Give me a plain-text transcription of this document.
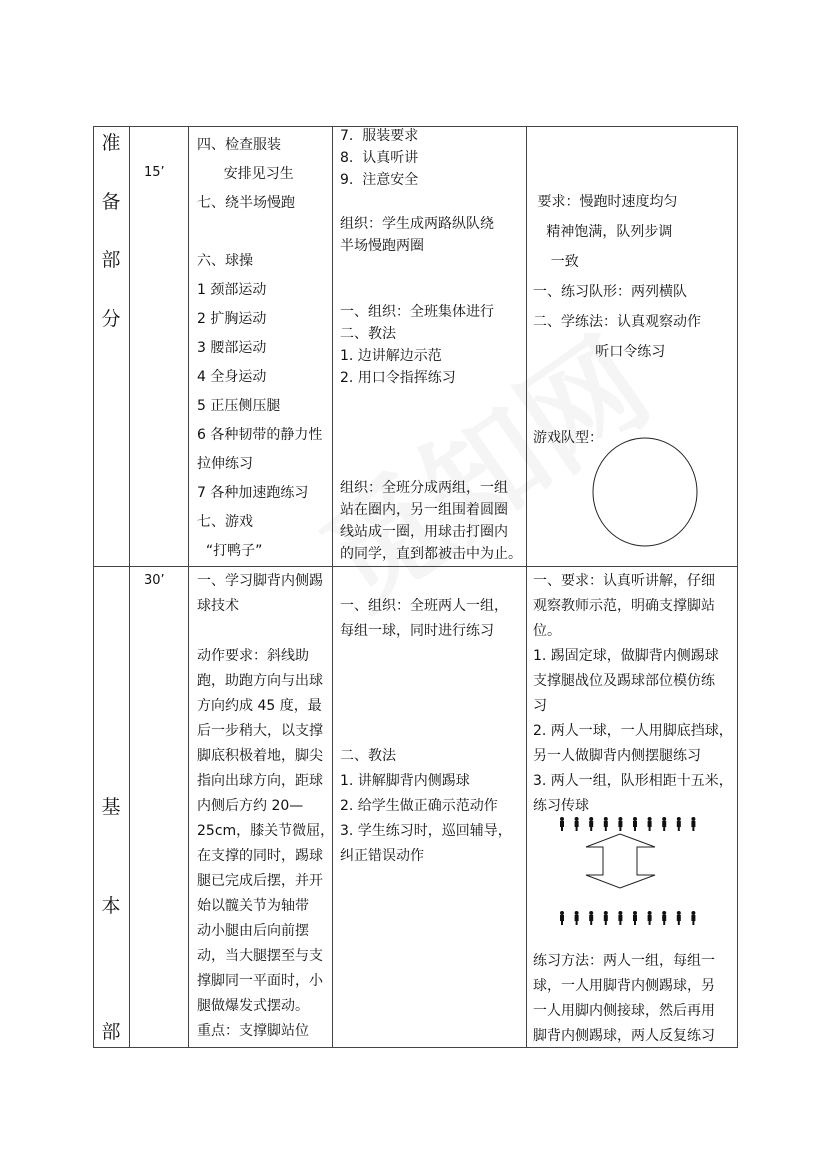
准
备
部
分
基
本
部
15’
30’
四、检查服装
安排见习生
七、绕半场慢跑
六、球操
1 颈部运动
2 扩胸运动
3 腰部运动
4 全身运动
5 正压侧压腿
6 各种韧带的静力性
拉伸练习
7 各种加速跑练习
七、游戏
“打鸭子”
7.  服装要求
8.  认真听讲
9.  注意安全
组织：学生成两路纵队绕
半场慢跑两圈
一、组织：全班集体进行
二、教法
1. 边讲解边示范
2. 用口令指挥练习
组织：全班分成两组，一组
站在圈内，另一组围着圆圈
线站成一圈，用球击打圈内
的同学，直到都被击中为止。
要求：慢跑时速度均匀
精神饱满，队列步调
一致
一、练习队形：两列横队
二、学练法：认真观察动作
听口令练习
游戏队型：
一、学习脚背内侧踢
球技术
动作要求：斜线助
跑，助跑方向与出球
方向约成 45 度，最
后一步稍大，以支撑
脚底积极着地，脚尖
指向出球方向，距球
内侧后方约 20—
25cm，膝关节微屈，
在支撑的同时，踢球
腿已完成后摆，并开
始以髋关节为轴带
动小腿由后向前摆
动，当大腿摆至与支
撑脚同一平面时，小
腿做爆发式摆动。
重点：支撑脚站位
一、组织：全班两人一组，
每组一球，同时进行练习
二、教法
1. 讲解脚背内侧踢球
2. 给学生做正确示范动作
3. 学生练习时，巡回辅导，
纠正错误动作
一、要求：认真听讲解，仔细
观察教师示范，明确支撑脚站
位。
1. 踢固定球，做脚背内侧踢球
支撑腿战位及踢球部位模仿练
习
2. 两人一球，一人用脚底挡球，
另一人做脚背内侧摆腿练习
3. 两人一组，队形相距十五米，
练习传球
练习方法：两人一组，每组一
球，一人用脚背内侧踢球，另
一人用脚内侧接球，然后再用
脚背内侧踢球，两人反复练习
